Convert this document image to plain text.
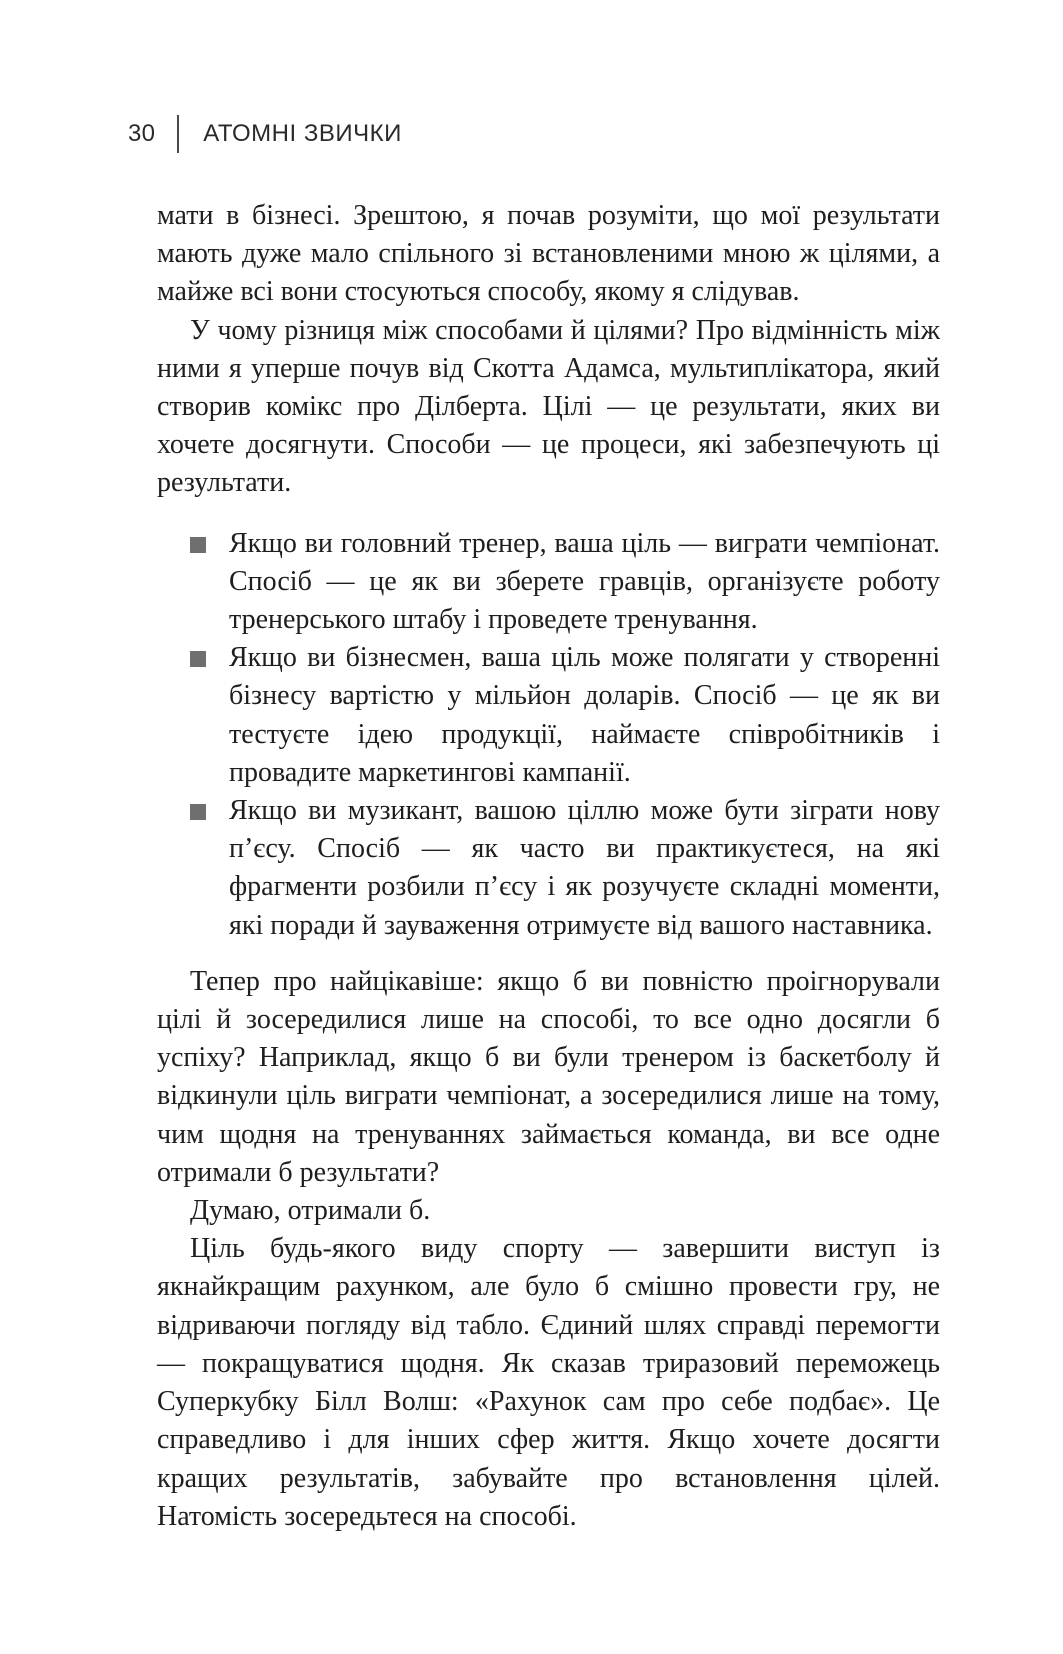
30 АТОМНІ ЗВИЧКИ

мати в бізнесі. Зрештою, я почав розуміти, що мої результати мають дуже мало спільного зі встановленими мною ж цілями, а майже всі вони стосуються способу, якому я слідував.

У чому різниця між способами й цілями? Про відмінність між ними я уперше почув від Скотта Адамса, мультиплікатора, який створив комікс про Ділберта. Цілі — це результати, яких ви хочете досягнути. Способи — це процеси, які забезпечують ці результати.

Якщо ви головний тренер, ваша ціль — виграти чемпіонат. Спосіб — це як ви зберете гравців, організуєте роботу тренерського штабу і проведете тренування.
Якщо ви бізнесмен, ваша ціль може полягати у створенні бізнесу вартістю у мільйон доларів. Спосіб — це як ви тестуєте ідею продукції, наймаєте співробітників і провадите маркетингові кампанії.
Якщо ви музикант, вашою ціллю може бути зіграти нову п’єсу. Спосіб — як часто ви практикуєтеся, на які фрагменти розбили п’єсу і як розучуєте складні моменти, які поради й зауваження отримуєте від вашого наставника.

Тепер про найцікавіше: якщо б ви повністю проігнорували цілі й зосередилися лише на способі, то все одно досягли б успіху? Наприклад, якщо б ви були тренером із баскетболу й відкинули ціль виграти чемпіонат, а зосередилися лише на тому, чим щодня на тренуваннях займається команда, ви все одне отримали б результати?

Думаю, отримали б.

Ціль будь-якого виду спорту — завершити виступ із якнайкращим рахунком, але було б смішно провести гру, не відриваючи погляду від табло. Єдиний шлях справді перемогти — покращуватися щодня. Як сказав триразовий переможець Суперкубку Білл Волш: «Рахунок сам про себе подбає». Це справедливо і для інших сфер життя. Якщо хочете досягти кращих результатів, забувайте про встановлення цілей. Натомість зосередьтеся на способі.
